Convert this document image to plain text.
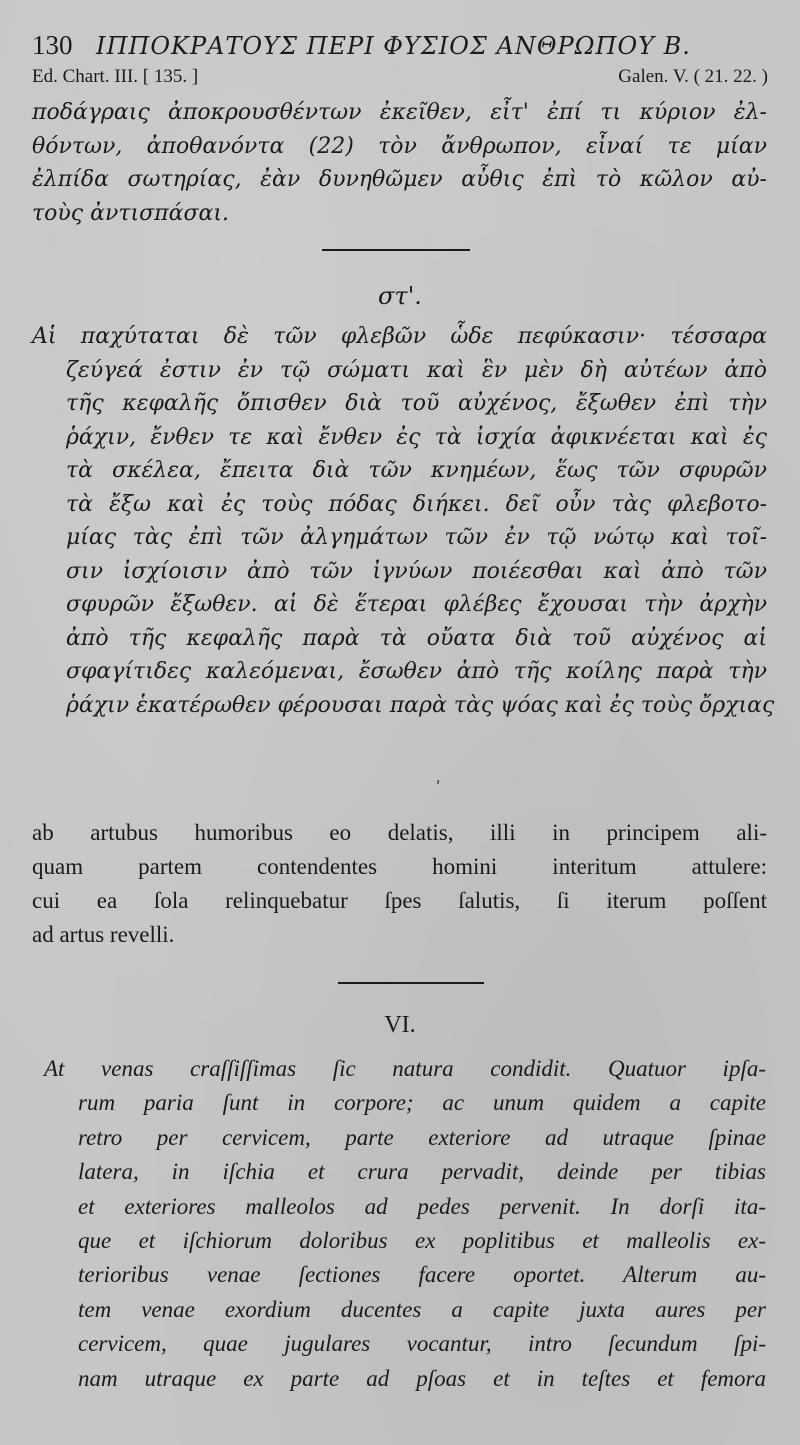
130 ΙΠΠΟΚΡΑΤΟΥΣ ΠΕΡΙ ΦΥΣΙΟΣ ΑΝΘΡΩΠΟΥ Β.
Ed. Chart. III. [ 135. ]	Galen. V. ( 21. 22. )
ποδάγραις ἀποκρουσθέντων ἐκεῖθεν, εἶτ' ἐπί τι κύριον ἐλ-
θόντων, ἀποθανόντα (22) τὸν ἄνθρωπον, εἶναί τε μίαν
ἐλπίδα σωτηρίας, ἐὰν δυνηθῶμεν αὖθις ἐπὶ τὸ κῶλον αὐ-
τοὺς ἀντισπάσαι.
στ'.
Αἱ παχύταται δὲ τῶν φλεβῶν ὧδε πεφύκασιν· τέσσαρα
ζεύγεά ἐστιν ἐν τῷ σώματι καὶ ἓν μὲν δὴ αὐτέων ἀπὸ
τῆς κεφαλῆς ὄπισθεν διὰ τοῦ αὐχένος, ἔξωθεν ἐπὶ τὴν
ῥάχιν, ἔνθεν τε καὶ ἔνθεν ἐς τὰ ἰσχία ἀφικνέεται καὶ ἐς
τὰ σκέλεα, ἔπειτα διὰ τῶν κνημέων, ἕως τῶν σφυρῶν
τὰ ἔξω καὶ ἐς τοὺς πόδας διήκει. δεῖ οὖν τὰς φλεβοτο-
μίας τὰς ἐπὶ τῶν ἀλγημάτων τῶν ἐν τῷ νώτῳ καὶ τοῖ-
σιν ἰσχίοισιν ἀπὸ τῶν ἰγνύων ποιέεσθαι καὶ ἀπὸ τῶν
σφυρῶν ἔξωθεν. αἱ δὲ ἕτεραι φλέβες ἔχουσαι τὴν ἀρχὴν
ἀπὸ τῆς κεφαλῆς παρὰ τὰ οὔατα διὰ τοῦ αὐχένος αἱ
σφαγίτιδες καλεόμεναι, ἔσωθεν ἀπὸ τῆς κοίλης παρὰ τὴν
ῥάχιν ἑκατέρωθεν φέρουσαι παρὰ τὰς ψόας καὶ ἐς τοὺς ὄρχιας
ʹ
ab artubus humoribus eo delatis, illi in principem ali-
quam partem contendentes homini interitum attulere:
cui ea ſola relinquebatur ſpes ſalutis, ſi iterum poſſent
ad artus revelli.
VI.
At venas craſſiſſimas ſic natura condidit. Quatuor ipſa-
rum paria ſunt in corpore; ac unum quidem a capite
retro per cervicem, parte exteriore ad utraque ſpinae
latera, in iſchia et crura pervadit, deinde per tibias
et exteriores malleolos ad pedes pervenit. In dorſi ita-
que et iſchiorum doloribus ex poplitibus et malleolis ex-
terioribus venae ſectiones facere oportet. Alterum au-
tem venae exordium ducentes a capite juxta aures per
cervicem, quae jugulares vocantur, intro ſecundum ſpi-
nam utraque ex parte ad pſoas et in teſtes et femora
